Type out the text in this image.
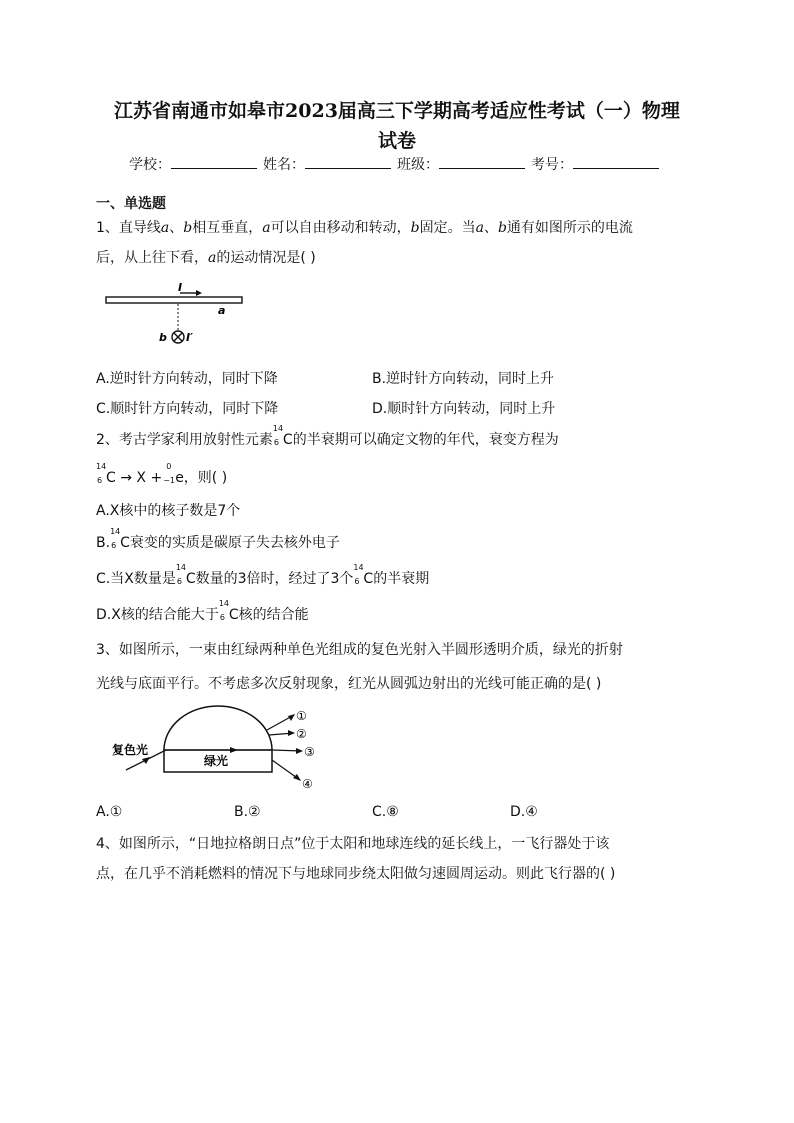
江苏省南通市如皋市2023届高三下学期高考适应性考试（一）物理
试卷
学校：	姓名：	班级：	考号：
一、单选题
1、直导线a、b相互垂直，a可以自由移动和转动，b固定。当a、b通有如图所示的电流
后，从上往下看，a的运动情况是( )
I
a
b I′
A.逆时针方向转动，同时下降	B.逆时针方向转动，同时上升
C.顺时针方向转动，同时下降	D.顺时针方向转动，同时上升
2、考古学家利用放射性元素
14
6 C的半衰期可以确定文物的年代，衰变方程为
14
6 C → X +
0
−1 e，则( )
A.X核中的核子数是7个
B.
14
6 C衰变的实质是碳原子失去核外电子
C.当X数量是
14
6 C数量的3倍时，经过了3个
14
6 C的半衰期
D.X核的结合能大于
14
6 C核的结合能
3、如图所示，一束由红绿两种单色光组成的复色光射入半圆形透明介质，绿光的折射
光线与底面平行。不考虑多次反射现象，红光从圆弧边射出的光线可能正确的是( )
复色光
绿光
①
②
③
④
A.①	B.②	C.⑧	D.④
4、如图所示，“日地拉格朗日点”位于太阳和地球连线的延长线上，一飞行器处于该
点，在几乎不消耗燃料的情况下与地球同步绕太阳做匀速圆周运动。则此飞行器的( )
